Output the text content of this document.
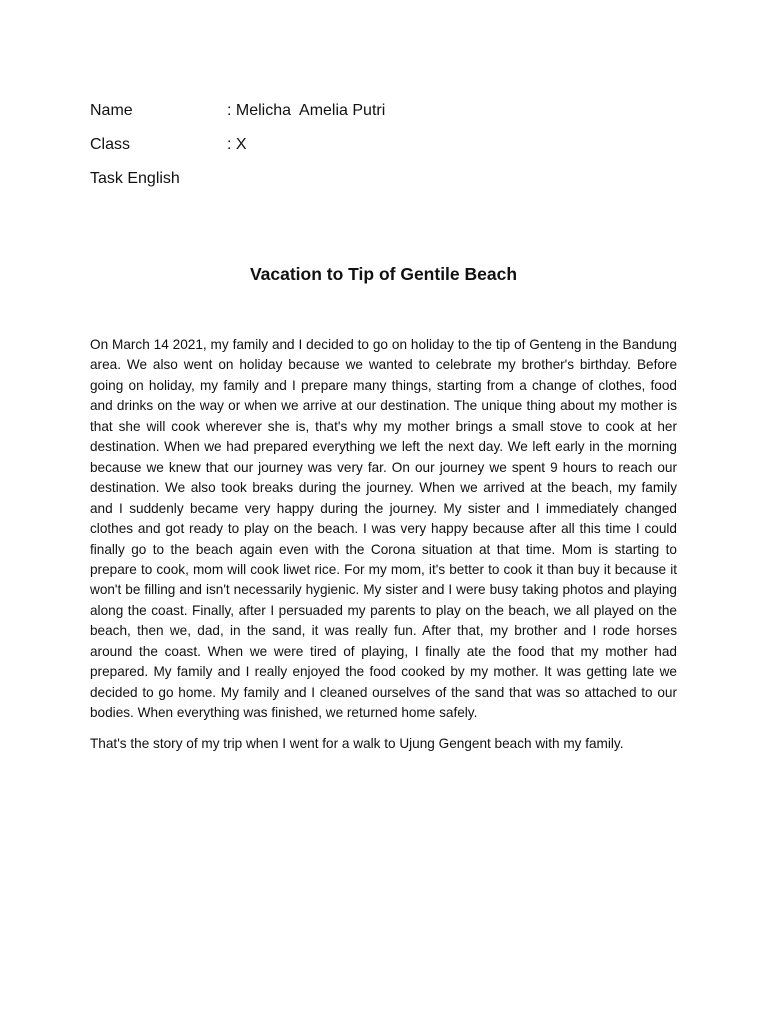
Name	: Melicha  Amelia Putri
Class	: X
Task English
Vacation to Tip of Gentile Beach

On March 14 2021, my family and I decided to go on holiday to the tip of Genteng in the Bandung area. We also went on holiday because we wanted to celebrate my brother's birthday. Before going on holiday, my family and I prepare many things, starting from a change of clothes, food and drinks on the way or when we arrive at our destination. The unique thing about my mother is that she will cook wherever she is, that's why my mother brings a small stove to cook at her destination. When we had prepared everything we left the next day. We left early in the morning because we knew that our journey was very far. On our journey we spent 9 hours to reach our destination. We also took breaks during the journey. When we arrived at the beach, my family and I suddenly became very happy during the journey. My sister and I immediately changed clothes and got ready to play on the beach. I was very happy because after all this time I could finally go to the beach again even with the Corona situation at that time. Mom is starting to prepare to cook, mom will cook liwet rice. For my mom, it's better to cook it than buy it because it won't be filling and isn't necessarily hygienic. My sister and I were busy taking photos and playing along the coast. Finally, after I persuaded my parents to play on the beach, we all played on the beach, then we, dad, in the sand, it was really fun. After that, my brother and I rode horses around the coast. When we were tired of playing, I finally ate the food that my mother had prepared. My family and I really enjoyed the food cooked by my mother. It was getting late we decided to go home. My family and I cleaned ourselves of the sand that was so attached to our bodies. When everything was finished, we returned home safely.

That's the story of my trip when I went for a walk to Ujung Gengent beach with my family.
